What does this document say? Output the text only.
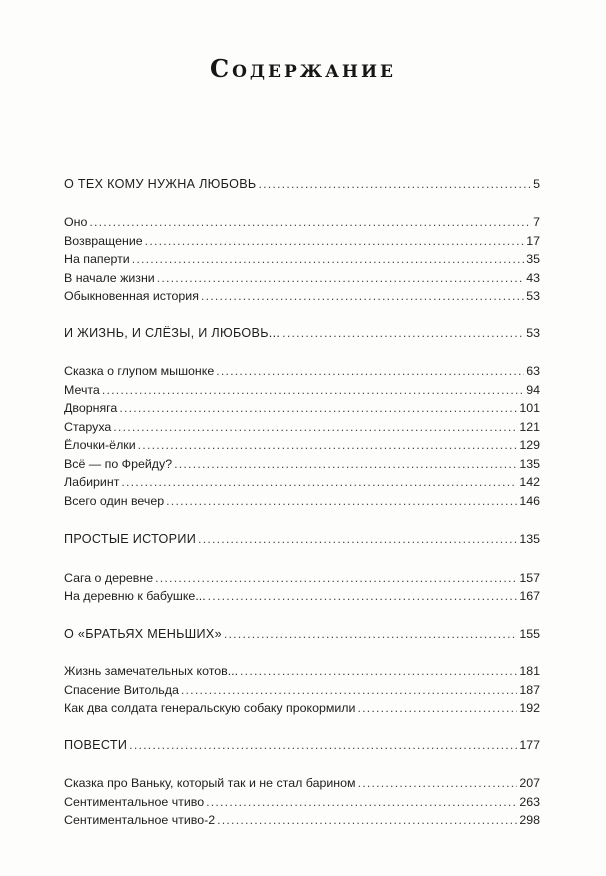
Содержание
О ТЕХ КОМУ НУЖНА ЛЮБОВЬ .....	5
Оно .....	7
Возвращение .....	17
На паперти .....	35
В начале жизни .....	43
Обыкновенная история .....	53
И ЖИЗНЬ, И СЛЁЗЫ, И ЛЮБОВЬ... .....	53
Сказка о глупом мышонке .....	63
Мечта .....	94
Дворняга .....	101
Старуха .....	121
Ёлочки-ёлки .....	129
Всё — по Фрейду? .....	135
Лабиринт .....	142
Всего один вечер .....	146
ПРОСТЫЕ ИСТОРИИ .....	135
Сага о деревне .....	157
На деревню к бабушке... .....	167
О «БРАТЬЯХ МЕНЬШИХ» .....	155
Жизнь замечательных котов... .....	181
Спасение Витольда .....	187
Как два солдата генеральскую собаку прокормили .....	192
ПОВЕСТИ .....	177
Сказка про Ваньку, который так и не стал барином .....	207
Сентиментальное чтиво .....	263
Сентиментальное чтиво-2 .....	298
